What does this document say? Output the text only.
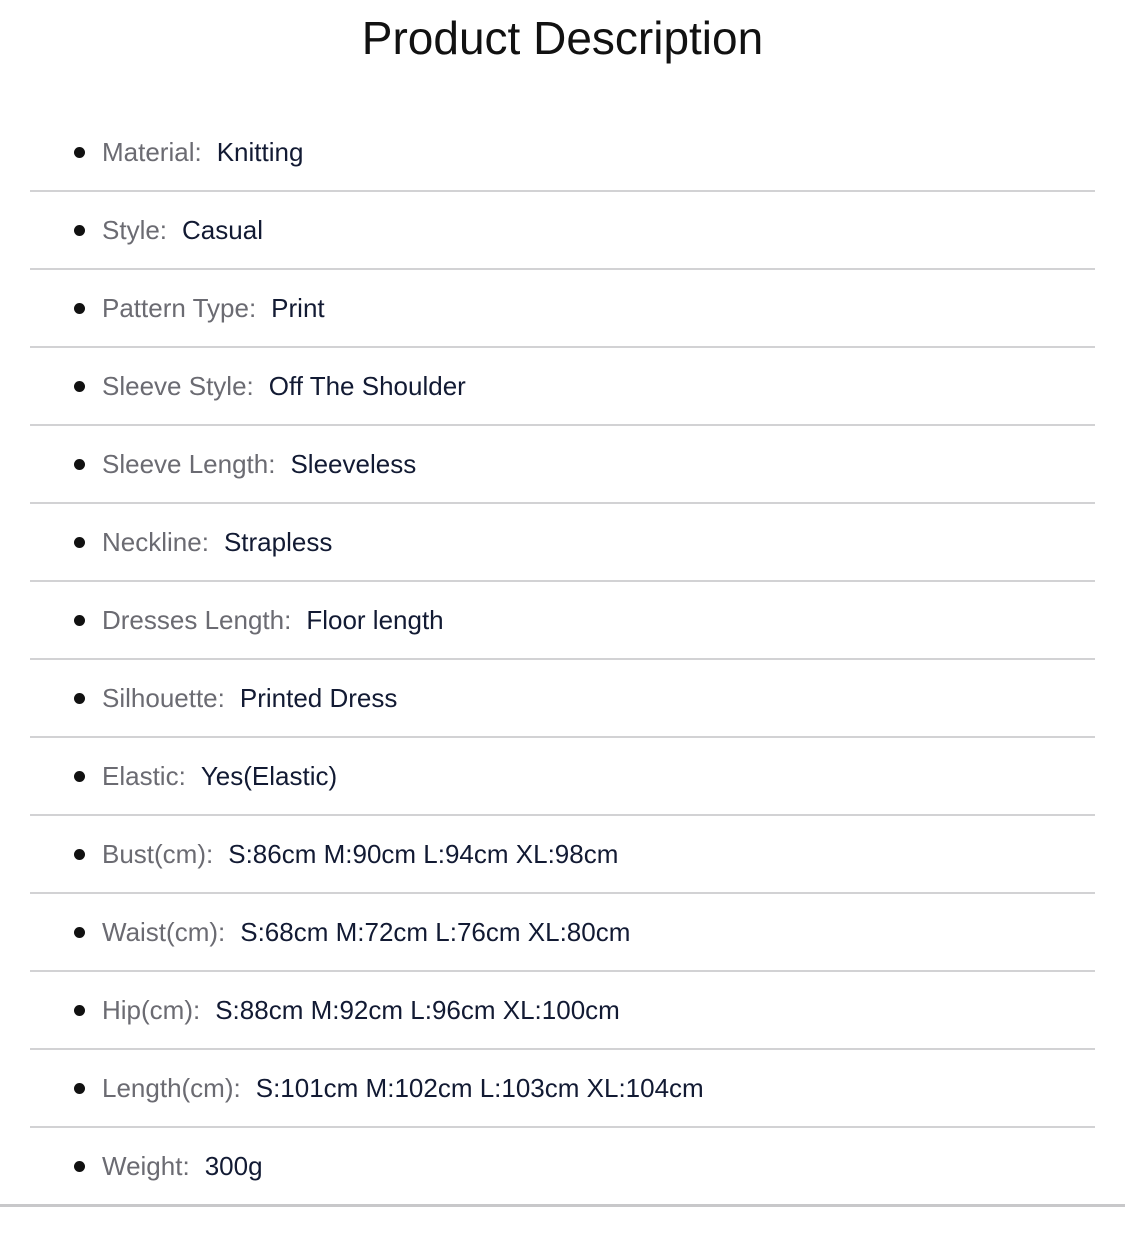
Product Description
Material: Knitting
Style: Casual
Pattern Type: Print
Sleeve Style: Off The Shoulder
Sleeve Length: Sleeveless
Neckline: Strapless
Dresses Length: Floor length
Silhouette: Printed Dress
Elastic: Yes(Elastic)
Bust(cm): S:86cm M:90cm L:94cm XL:98cm
Waist(cm): S:68cm M:72cm L:76cm XL:80cm
Hip(cm): S:88cm M:92cm L:96cm XL:100cm
Length(cm): S:101cm M:102cm L:103cm XL:104cm
Weight: 300g
